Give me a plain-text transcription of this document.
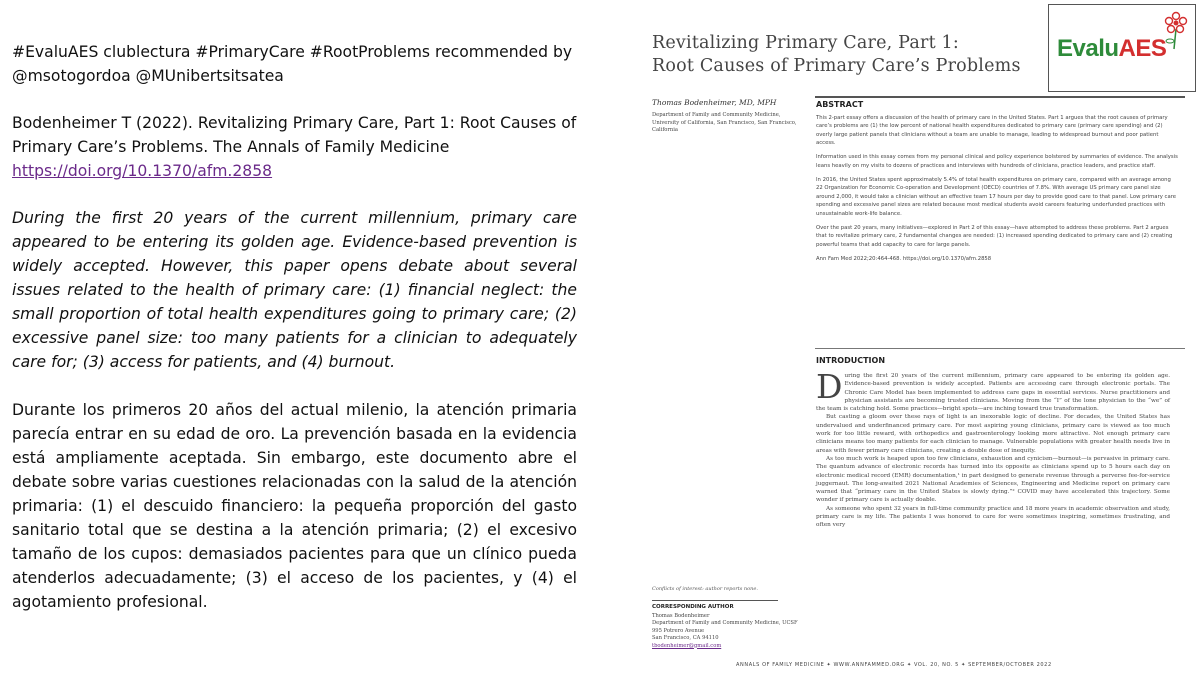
#EvaluAES clublectura #PrimaryCare #RootProblems recommended by @msotogordoa @MUnibertsitsatea

Bodenheimer T (2022). Revitalizing Primary Care, Part 1: Root Causes of Primary Care’s Problems. The Annals of Family Medicine
https://doi.org/10.1370/afm.2858

During the first 20 years of the current millennium, primary care appeared to be entering its golden age. Evidence-based prevention is widely accepted. However, this paper opens debate about several issues related to the health of primary care: (1) financial neglect: the small proportion of total health expenditures going to primary care; (2) excessive panel size: too many patients for a clinician to adequately care for; (3) access for patients, and (4) burnout.

Durante los primeros 20 años del actual milenio, la atención primaria parecía entrar en su edad de oro. La prevención basada en la evidencia está ampliamente aceptada. Sin embargo, este documento abre el debate sobre varias cuestiones relacionadas con la salud de la atención primaria: (1) el descuido financiero: la pequeña proporción del gasto sanitario total que se destina a la atención primaria; (2) el excesivo tamaño de los cupos: demasiados pacientes para que un clínico pueda atenderlos adecuadamente; (3) el acceso de los pacientes, y (4) el agotamiento profesional.

Revitalizing Primary Care, Part 1:
Root Causes of Primary Care’s Problems
Thomas Bodenheimer, MD, MPH
Department of Family and Community Medicine, University of California, San Francisco, San Francisco, California
ABSTRACT

This 2-part essay offers a discussion of the health of primary care in the United States. Part 1 argues that the root causes of primary care’s problems are (1) the low percent of national health expenditures dedicated to primary care (primary care spending) and (2) overly large patient panels that clinicians without a team are unable to manage, leading to widespread burnout and poor patient access.

Information used in this essay comes from my personal clinical and policy experience bolstered by summaries of evidence. The analysis leans heavily on my visits to dozens of practices and interviews with hundreds of clinicians, practice leaders, and practice staff.

In 2016, the United States spent approximately 5.4% of total health expenditures on primary care, compared with an average among 22 Organization for Economic Co-operation and Development (OECD) countries of 7.8%. With average US primary care panel size around 2,000, it would take a clinician without an effective team 17 hours per day to provide good care to that panel. Low primary care spending and excessive panel sizes are related because most medical students avoid careers featuring underfunded practices with unsustainable work-life balance.

Over the past 20 years, many initiatives—explored in Part 2 of this essay—have attempted to address these problems. Part 2 argues that to revitalize primary care, 2 fundamental changes are needed: (1) increased spending dedicated to primary care and (2) creating powerful teams that add capacity to care for large panels.

Ann Fam Med 2022;20:464-468. https://doi.org/10.1370/afm.2858

INTRODUCTION

During the first 20 years of the current millennium, primary care appeared to be entering its golden age. Evidence-based prevention is widely accepted. Patients are accessing care through electronic portals. The Chronic Care Model has been implemented to address care gaps in essential services. Nurse practitioners and physician assistants are becoming trusted clinicians. Moving from the “I” of the lone physician to the “we” of the team is catching hold. Some practices—bright spots—are inching toward true transformation.

But casting a gloom over these rays of light is an inexorable logic of decline. For decades, the United States has undervalued and underfinanced primary care. For most aspiring young clinicians, primary care is viewed as too much work for too little reward, with orthopedics and gastroenterology looking more attractive. Not enough primary care clinicians means too many patients for each clinician to manage. Vulnerable populations with greater health needs live in areas with fewer primary care clinicians, creating a double dose of inequity.

As too much work is heaped upon too few clinicians, exhaustion and cynicism—burnout—is pervasive in primary care. The quantum advance of electronic records has turned into its opposite as clinicians spend up to 5 hours each day on electronic medical record (EMR) documentation,¹ in part designed to generate revenue through a perverse fee-for-service juggernaut. The long-awaited 2021 National Academies of Sciences, Engineering and Medicine report on primary care warned that “primary care in the United States is slowly dying.”² COVID may have accelerated this trajectory. Some wonder if primary care is actually doable.

As someone who spent 32 years in full-time community practice and 18 more years in academic observation and study, primary care is my life. The patients I was honored to care for were sometimes inspiring, sometimes frustrating, and often very

Conflicts of interest: author reports none.
CORRESPONDING AUTHOR
Thomas Bodenheimer
Department of Family and Community Medicine, UCSF
995 Potrero Avenue
San Francisco, CA 94110
tbodenheimer@gmail.com
ANNALS OF FAMILY MEDICINE ✦ WWW.ANNFAMMED.ORG ✦ VOL. 20, NO. 5 ✦ SEPTEMBER/OCTOBER 2022
EvaluAES
